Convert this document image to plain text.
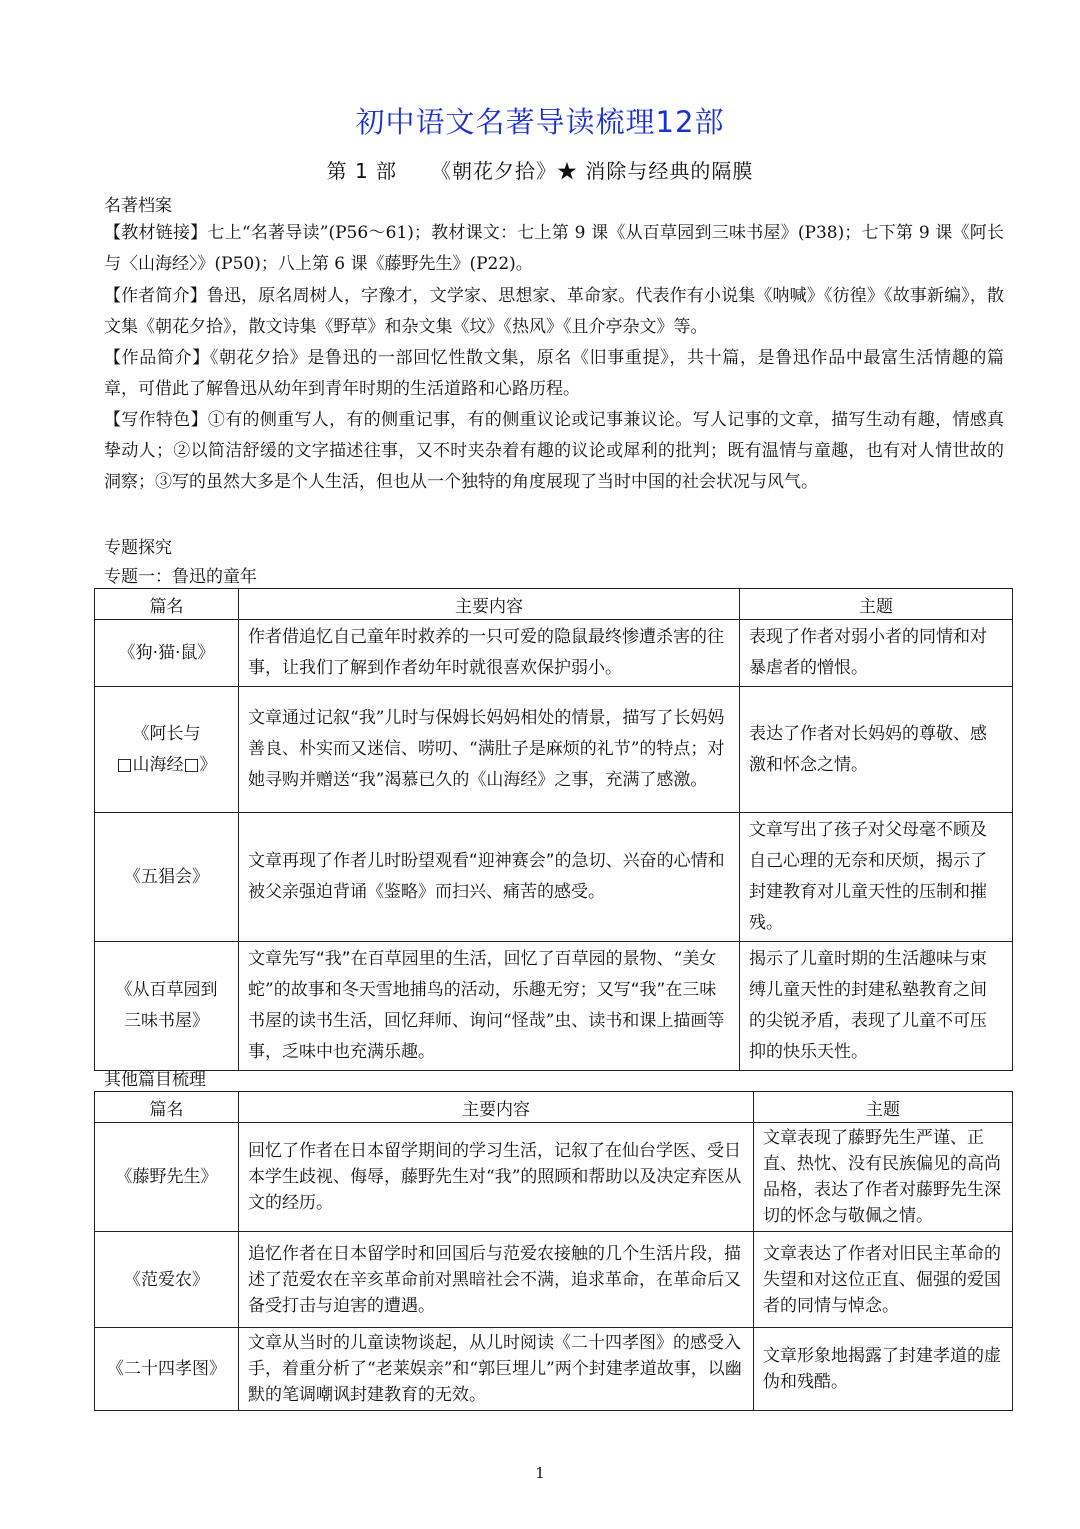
初中语文名著导读梳理12部
第 1 部 《朝花夕拾》★ 消除与经典的隔膜
名著档案
【教材链接】七上“名著导读”(P56～61)；教材课文：七上第 9 课《从百草园到三味书屋》(P38)；七下第 9 课《阿长与〈山海经〉》(P50)；八上第 6 课《藤野先生》(P22)。
【作者简介】鲁迅，原名周树人，字豫才，文学家、思想家、革命家。代表作有小说集《呐喊》《彷徨》《故事新编》，散文集《朝花夕拾》，散文诗集《野草》和杂文集《坟》《热风》《且介亭杂文》等。
【作品简介】《朝花夕拾》是鲁迅的一部回忆性散文集，原名《旧事重提》，共十篇，是鲁迅作品中最富生活情趣的篇章，可借此了解鲁迅从幼年到青年时期的生活道路和心路历程。
【写作特色】①有的侧重写人，有的侧重记事，有的侧重议论或记事兼议论。写人记事的文章，描写生动有趣，情感真挚动人；②以简洁舒缓的文字描述往事，又不时夹杂着有趣的议论或犀利的批判；既有温情与童趣，也有对人情世故的洞察；③写的虽然大多是个人生活，但也从一个独特的角度展现了当时中国的社会状况与风气。
专题探究
专题一：鲁迅的童年
篇名	主要内容	主题
《狗·猫·鼠》	作者借追忆自己童年时救养的一只可爱的隐鼠最终惨遭杀害的往事，让我们了解到作者幼年时就很喜欢保护弱小。	表现了作者对弱小者的同情和对暴虐者的憎恨。
《阿长与
□山海经□》	文章通过记叙“我”儿时与保姆长妈妈相处的情景，描写了长妈妈善良、朴实而又迷信、唠叨、“满肚子是麻烦的礼节”的特点；对她寻购并赠送“我”渴慕已久的《山海经》之事，充满了感激。	表达了作者对长妈妈的尊敬、感激和怀念之情。
《五猖会》	文章再现了作者儿时盼望观看“迎神赛会”的急切、兴奋的心情和被父亲强迫背诵《鉴略》而扫兴、痛苦的感受。	文章写出了孩子对父母毫不顾及自己心理的无奈和厌烦，揭示了封建教育对儿童天性的压制和摧残。
《从百草园到
三味书屋》	文章先写“我”在百草园里的生活，回忆了百草园的景物、“美女蛇”的故事和冬天雪地捕鸟的活动，乐趣无穷；又写“我”在三味书屋的读书生活，回忆拜师、询问“怪哉”虫、读书和课上描画等事，乏味中也充满乐趣。	揭示了儿童时期的生活趣味与束缚儿童天性的封建私塾教育之间的尖锐矛盾，表现了儿童不可压抑的快乐天性。
其他篇目梳理
篇名	主要内容	主题
《藤野先生》	回忆了作者在日本留学期间的学习生活，记叙了在仙台学医、受日本学生歧视、侮辱，藤野先生对“我”的照顾和帮助以及决定弃医从文的经历。	文章表现了藤野先生严谨、正直、热忱、没有民族偏见的高尚品格，表达了作者对藤野先生深切的怀念与敬佩之情。
《范爱农》	追忆作者在日本留学时和回国后与范爱农接触的几个生活片段，描述了范爱农在辛亥革命前对黑暗社会不满，追求革命，在革命后又备受打击与迫害的遭遇。	文章表达了作者对旧民主革命的失望和对这位正直、倔强的爱国者的同情与悼念。
《二十四孝图》	文章从当时的儿童读物谈起，从儿时阅读《二十四孝图》的感受入手，着重分析了“老莱娱亲”和“郭巨埋儿”两个封建孝道故事，以幽默的笔调嘲讽封建教育的无效。	文章形象地揭露了封建孝道的虚伪和残酷。
1
